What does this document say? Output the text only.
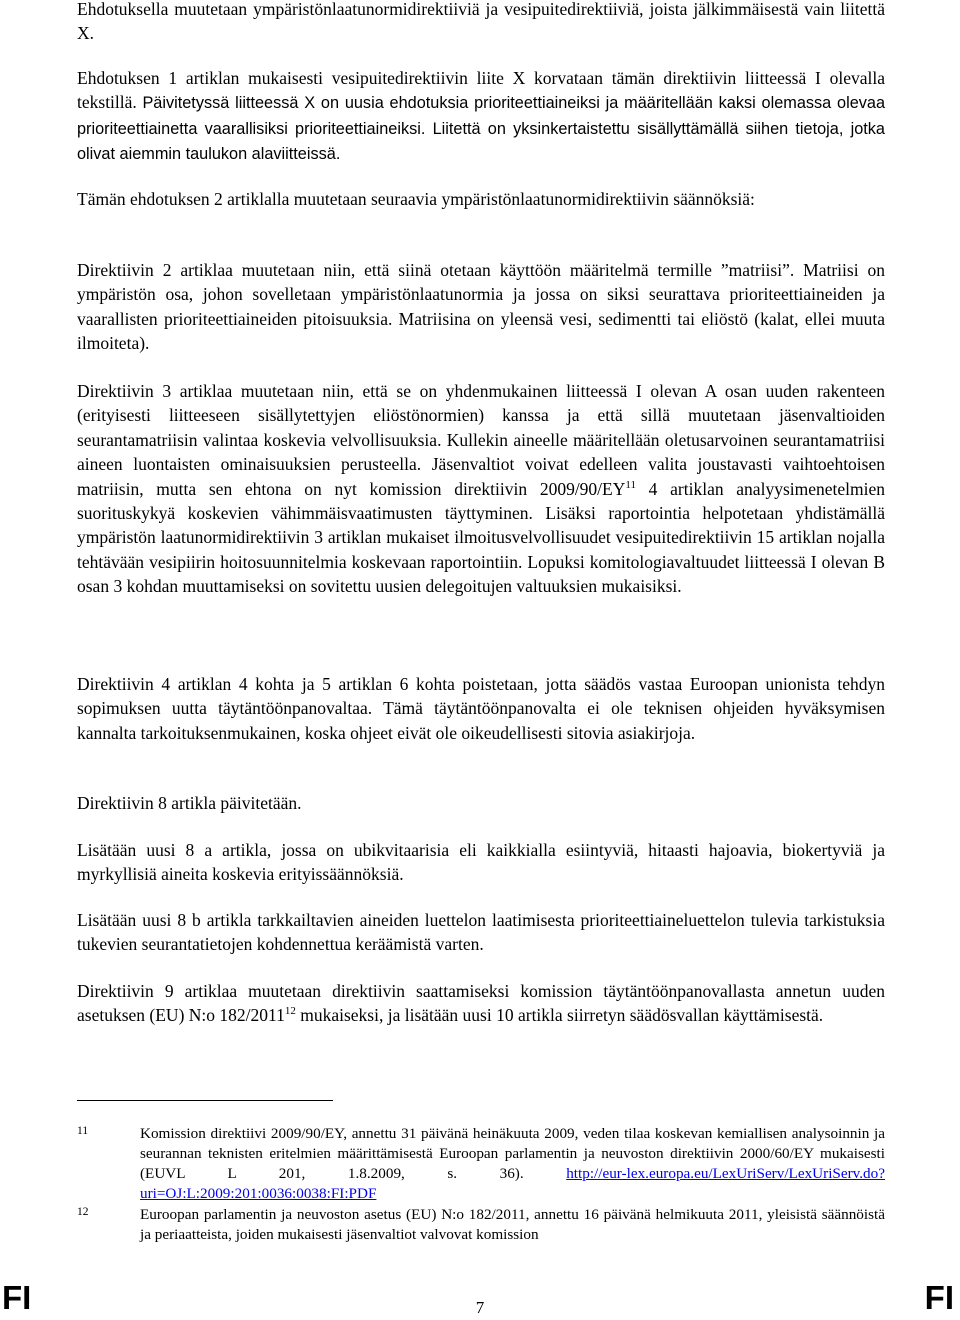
Ehdotuksella muutetaan ympäristönlaatunormidirektiiviä ja vesipuitedirektiiviä, joista jälkimmäisestä vain liitettä X.

Ehdotuksen 1 artiklan mukaisesti vesipuitedirektiivin liite X korvataan tämän direktiivin liitteessä I olevalla tekstillä. Päivitetyssä liitteessä X on uusia ehdotuksia prioriteettiaineiksi ja määritellään kaksi olemassa olevaa prioriteettiainetta vaarallisiksi prioriteettiaineiksi. Liitettä on yksinkertaistettu sisällyttämällä siihen tietoja, jotka olivat aiemmin taulukon alaviitteissä.

Tämän ehdotuksen 2 artiklalla muutetaan seuraavia ympäristönlaatunormidirektiivin säännöksiä:

Direktiivin 2 artiklaa muutetaan niin, että siinä otetaan käyttöön määritelmä termille ”matriisi”. Matriisi on ympäristön osa, johon sovelletaan ympäristönlaatunormia ja jossa on siksi seurattava prioriteettiaineiden ja vaarallisten prioriteettiaineiden pitoisuuksia. Matriisina on yleensä vesi, sedimentti tai eliöstö (kalat, ellei muuta ilmoiteta).

Direktiivin 3 artiklaa muutetaan niin, että se on yhdenmukainen liitteessä I olevan A osan uuden rakenteen (erityisesti liitteeseen sisällytettyjen eliöstönormien) kanssa ja että sillä muutetaan jäsenvaltioiden seurantamatriisin valintaa koskevia velvollisuuksia. Kullekin aineelle määritellään oletusarvoinen seurantamatriisi aineen luontaisten ominaisuuksien perusteella. Jäsenvaltiot voivat edelleen valita joustavasti vaihtoehtoisen matriisin, mutta sen ehtona on nyt komission direktiivin 2009/90/EY$^{11}$ 4 artiklan analyysimenetelmien suorituskykyä koskevien vähimmäisvaatimusten täyttyminen. Lisäksi raportointia helpotetaan yhdistämällä ympäristön laatunormidirektiivin 3 artiklan mukaiset ilmoitusvelvollisuudet vesipuitedirektiivin 15 artiklan nojalla tehtävään vesipiirin hoitosuunnitelmia koskevaan raportointiin. Lopuksi komitologiavaltuudet liitteessä I olevan B osan 3 kohdan muuttamiseksi on sovitettu uusien delegoitujen valtuuksien mukaisiksi.

Direktiivin 4 artiklan 4 kohta ja 5 artiklan 6 kohta poistetaan, jotta säädös vastaa Euroopan unionista tehdyn sopimuksen uutta täytäntöönpanovaltaa. Tämä täytäntöönpanovalta ei ole teknisen ohjeiden hyväksymisen kannalta tarkoituksenmukainen, koska ohjeet eivät ole oikeudellisesti sitovia asiakirjoja.

Direktiivin 8 artikla päivitetään.

Lisätään uusi 8 a artikla, jossa on ubikvitaarisia eli kaikkialla esiintyviä, hitaasti hajoavia, biokertyviä ja myrkyllisiä aineita koskevia erityissäännöksiä.

Lisätään uusi 8 b artikla tarkkailtavien aineiden luettelon laatimisesta prioriteettiaineluettelon tulevia tarkistuksia tukevien seurantatietojen kohdennettua keräämistä varten.

Direktiivin 9 artiklaa muutetaan direktiivin saattamiseksi komission täytäntöönpanovallasta annetun uuden asetuksen (EU) N:o 182/2011$^{12}$ mukaiseksi, ja lisätään uusi 10 artikla siirretyn säädösvallan käyttämisestä.

11	Komission direktiivi 2009/90/EY, annettu 31 päivänä heinäkuuta 2009, veden tilaa koskevan kemiallisen analysoinnin ja seurannan teknisten eritelmien määrittämisestä Euroopan parlamentin ja neuvoston direktiivin 2000/60/EY mukaisesti (EUVL L 201, 1.8.2009, s. 36). http://eur-lex.europa.eu/LexUriServ/LexUriServ.do?uri=OJ:L:2009:201:0036:0038:FI:PDF

12	Euroopan parlamentin ja neuvoston asetus (EU) N:o 182/2011, annettu 16 päivänä helmikuuta 2011, yleisistä säännöistä ja periaatteista, joiden mukaisesti jäsenvaltiot valvovat komission

FI	7	FI
